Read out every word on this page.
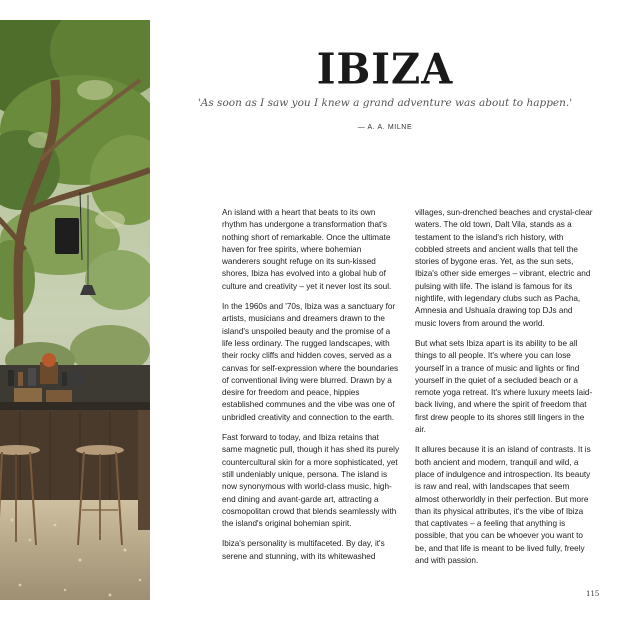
IBIZA

'As soon as I saw you I knew a grand adventure was about to happen.'

— A. A. MILNE

An island with a heart that beats to its own rhythm has undergone a transformation that's nothing short of remarkable. Once the ultimate haven for free spirits, where bohemian wanderers sought refuge on its sun-kissed shores, Ibiza has evolved into a global hub of culture and creativity – yet it never lost its soul.

In the 1960s and '70s, Ibiza was a sanctuary for artists, musicians and dreamers drawn to the island's unspoiled beauty and the promise of a life less ordinary. The rugged landscapes, with their rocky cliffs and hidden coves, served as a canvas for self-expression where the boundaries of conventional living were blurred. Drawn by a desire for freedom and peace, hippies established communes and the vibe was one of unbridled creativity and connection to the earth.

Fast forward to today, and Ibiza retains that same magnetic pull, though it has shed its purely countercultural skin for a more sophisticated, yet still undeniably unique, persona. The island is now synonymous with world-class music, high-end dining and avant-garde art, attracting a cosmopolitan crowd that blends seamlessly with the island's original bohemian spirit.

Ibiza's personality is multifaceted. By day, it's serene and stunning, with its whitewashed

villages, sun-drenched beaches and crystal-clear waters. The old town, Dalt Vila, stands as a testament to the island's rich history, with cobbled streets and ancient walls that tell the stories of bygone eras. Yet, as the sun sets, Ibiza's other side emerges – vibrant, electric and pulsing with life. The island is famous for its nightlife, with legendary clubs such as Pacha, Amnesia and Ushuaïa drawing top DJs and music lovers from around the world.

But what sets Ibiza apart is its ability to be all things to all people. It's where you can lose yourself in a trance of music and lights or find yourself in the quiet of a secluded beach or a remote yoga retreat. It's where luxury meets laid-back living, and where the spirit of freedom that first drew people to its shores still lingers in the air.

It allures because it is an island of contrasts. It is both ancient and modern, tranquil and wild, a place of indulgence and introspection. Its beauty is raw and real, with landscapes that seem almost otherworldly in their perfection. But more than its physical attributes, it's the vibe of Ibiza that captivates – a feeling that anything is possible, that you can be whoever you want to be, and that life is meant to be lived fully, freely and with passion.

115
